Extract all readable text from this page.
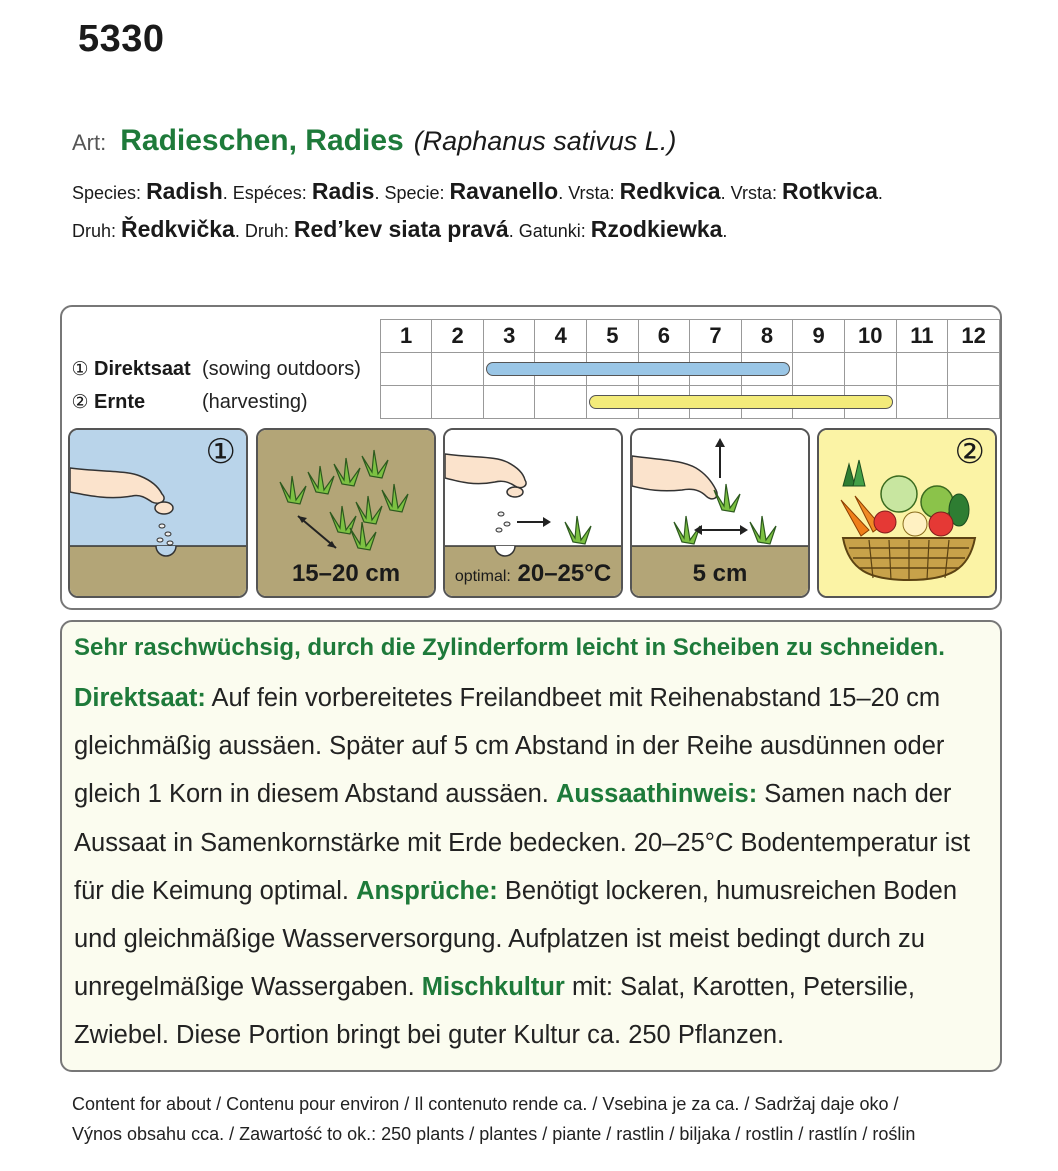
5330
Art: Radieschen, Radies (Raphanus sativus L.)
Species: Radish. Espéces: Radis. Specie: Ravanello. Vrsta: Redkvica. Vrsta: Rotkvica.
Druh: Ředkvička. Druh: Red’kev siata pravá. Gatunki: Rzodkiewka.
	1	2	3	4	5	6	7	8	9	10	11	12
① Direktsaat (sowing outdoors)												
② Ernte (harvesting)												
①
15–20 cm	optimal: 20–25°C	5 cm
②
Sehr raschwüchsig, durch die Zylinderform leicht in Scheiben zu schneiden.
Direktsaat: Auf fein vorbereitetes Freilandbeet mit Reihenabstand 15–20 cm gleichmäßig aussäen. Später auf 5 cm Abstand in der Reihe ausdünnen oder gleich 1 Korn in diesem Abstand aussäen. Aussaathinweis: Samen nach der Aussaat in Samenkornstärke mit Erde bedecken. 20–25°C Bodentemperatur ist für die Keimung optimal. Ansprüche: Benötigt lockeren, humusreichen Boden und gleichmäßige Wasserversorgung. Aufplatzen ist meist bedingt durch zu unregelmäßige Wassergaben. Mischkultur mit: Salat, Karotten, Petersilie, Zwiebel. Diese Portion bringt bei guter Kultur ca. 250 Pflanzen.
Content for about / Contenu pour environ / Il contenuto rende ca. / Vsebina je za ca. / Sadržaj daje oko /
Výnos obsahu cca. / Zawartość to ok.: 250 plants / plantes / piante / rastlin / biljaka / rostlin / rastlín / roślin
